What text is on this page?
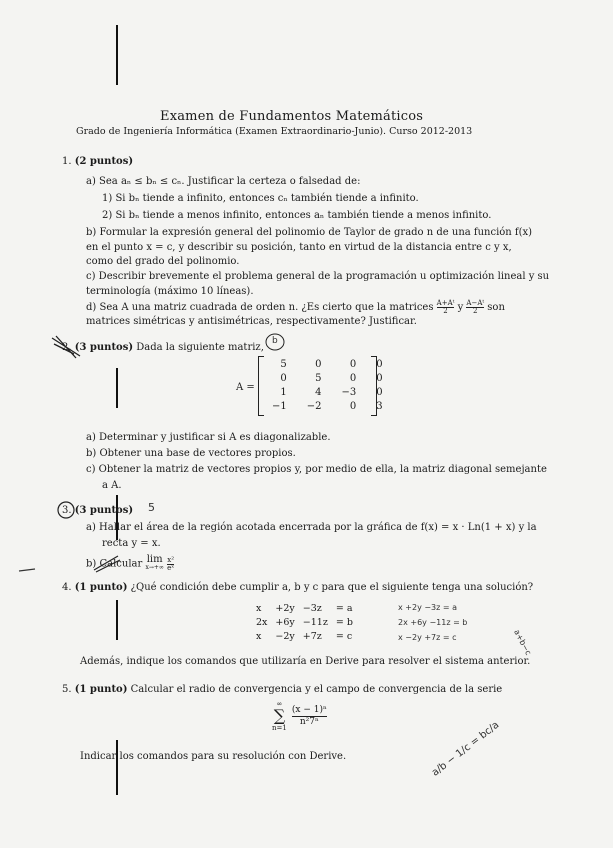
Examen de Fundamentos Matemáticos
Grado de Ingeniería Informática (Examen Extraordinario-Junio). Curso 2012-2013
1. (2 puntos)
a) Sea aₙ ≤ bₙ ≤ cₙ. Justificar la certeza o falsedad de:
1) Si bₙ tiende a infinito, entonces cₙ también tiende a infinito.
2) Si bₙ tiende a menos infinito, entonces aₙ también tiende a menos infinito.
b) Formular la expresión general del polinomio de Taylor de grado n de una función f(x)
en el punto x = c, y describir su posición, tanto en virtud de la distancia entre c y x,
como del grado del polinomio.
c) Describir brevemente el problema general de la programación u optimización lineal y su
terminología (máximo 10 líneas).
d) Sea A una matriz cuadrada de orden n. ¿Es cierto que la matrices $\frac{\text{A+Aᵗ}}{2}$ y $\frac{\text{A−Aᵗ}}{2}$ son
matrices simétricas y antisimétricas, respectivamente? Justificar.
2. (3 puntos) Dada la siguiente matriz,
b
A =
5	0	0	0
0	5	0	0
1	4	−3	0
−1	−2	0	3
a) Determinar y justificar si A es diagonalizable.
b) Obtener una base de vectores propios.
c) Obtener la matriz de vectores propios y, por medio de ella, la matriz diagonal semejante
a A.
3. (3 puntos) 5
a) Hallar el área de la región acotada encerrada por la gráfica de f(x) = x · Ln(1 + x) y la
recta y = x.
b) Calcular lim
x→+∞
$\frac{\text{x²}}{\text{eˣ}}$
4. (1 punto) ¿Qué condición debe cumplir a, b y c para que el siguiente tenga una solución?
x	+2y	−3z	= a
2x	+6y	−11z	= b
x	−2y	+7z	= c
x +2y −3z = a
2x +6y −11z = b
x −2y +7z = c	a+b−c
Además, indique los comandos que utilizaría en Derive para resolver el sistema anterior.
5. (1 punto) Calcular el radio de convergencia y el campo de convergencia de la serie
∞
∑
n=1

$\frac{\text{(x − 1)ⁿ}}{\text{n²7ⁿ}}$
a/b − 1/c = bc/a
Indicar los comandos para su resolución con Derive.
